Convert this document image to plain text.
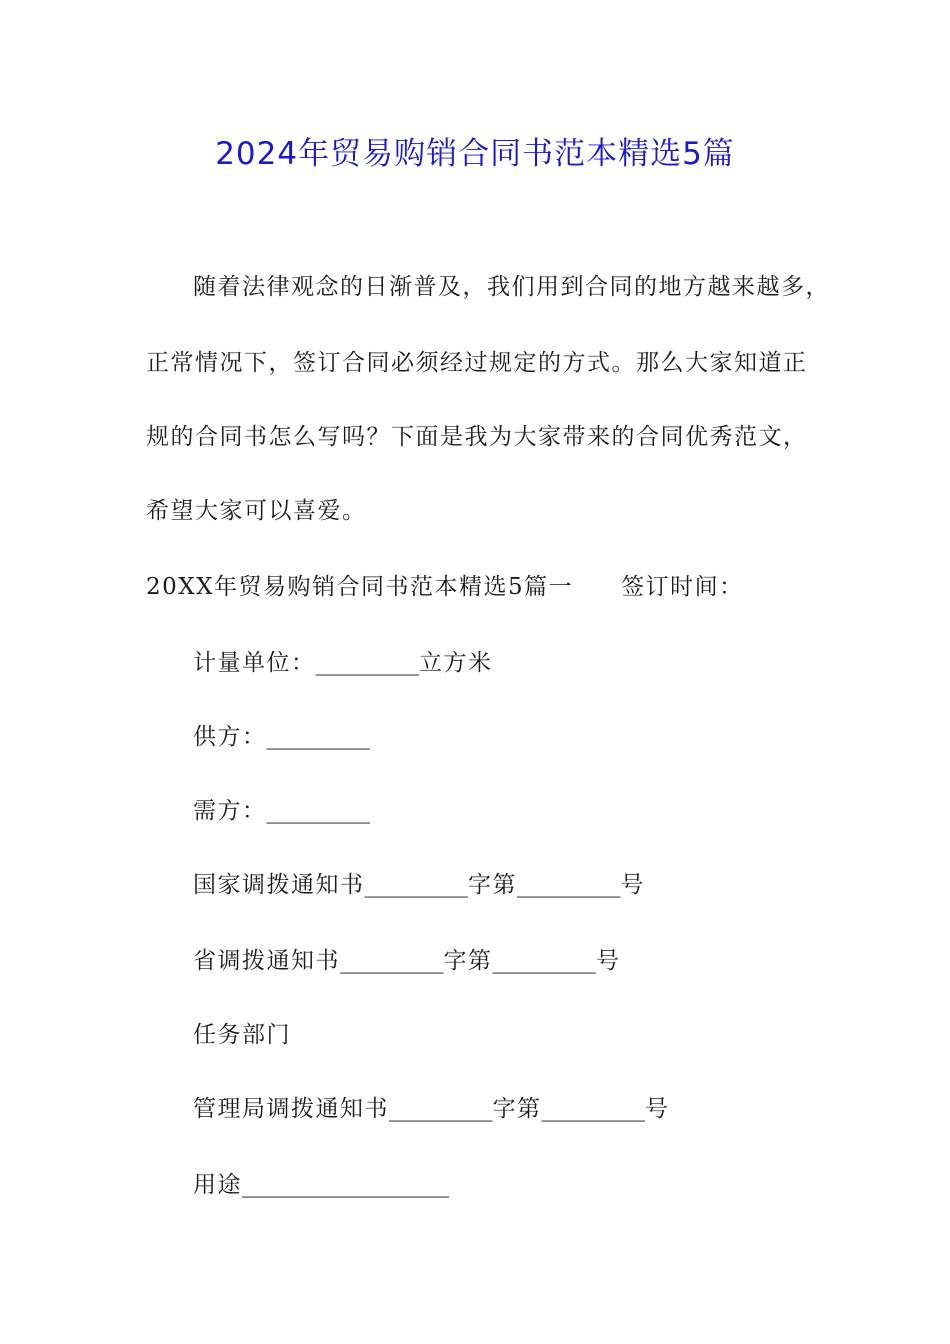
2024年贸易购销合同书范本精选5篇
随着法律观念的日渐普及，我们用到合同的地方越来越多，
正常情况下，签订合同必须经过规定的方式。那么大家知道正
规的合同书怎么写吗？下面是我为大家带来的合同优秀范文，
希望大家可以喜爱。
20XX年贸易购销合同书范本精选5篇一 签订时间：
计量单位：_________立方米
供方：_________
需方：_________
国家调拨通知书_________字第_________号
省调拨通知书_________字第_________号
任务部门
管理局调拨通知书_________字第_________号
用途__________________
